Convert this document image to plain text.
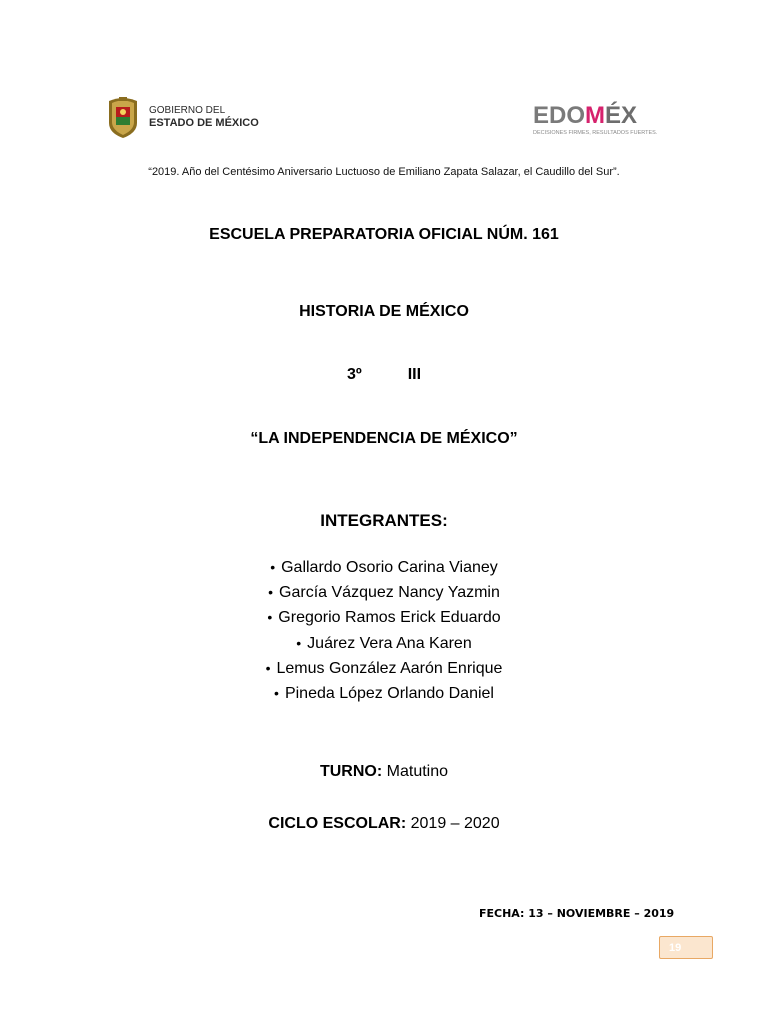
GOBIERNO DEL
ESTADO DE MÉXICO	EDO M ÉX
DECISIONES FIRMES, RESULTADOS FUERTES.
“2019. Año del Centésimo Aniversario Luctuoso de Emiliano Zapata Salazar, el Caudillo del Sur”.
ESCUELA PREPARATORIA OFICIAL NÚM. 161
HISTORIA DE MÉXICO
3º	III
“LA INDEPENDENCIA DE MÉXICO”
INTEGRANTES:
• Gallardo Osorio Carina Vianey
• García Vázquez Nancy Yazmin
• Gregorio Ramos Erick Eduardo
• Juárez Vera Ana Karen
• Lemus González Aarón Enrique
• Pineda López Orlando Daniel
TURNO: Matutino
CICLO ESCOLAR: 2019 – 2020
FECHA: 13 – NOVIEMBRE – 2019
19
